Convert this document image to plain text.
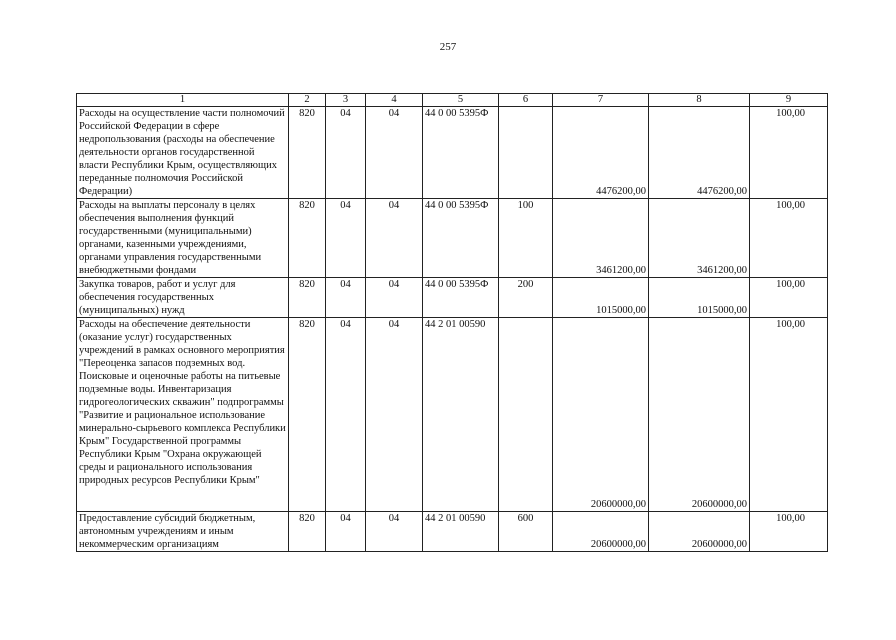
257
1	2	3	4	5	6	7	8	9
Расходы на осуществление части полномочий Российской Федерации в сфере недропользования (расходы на обеспечение деятельности органов государственной власти Республики Крым, осуществляющих переданные полномочия Российской Федерации)	820	04	04	44 0 00 5395Ф		4476200,00	4476200,00	100,00
Расходы на выплаты персоналу в целях обеспечения выполнения функций государственными (муниципальными) органами, казенными учреждениями, органами управления государственными внебюджетными фондами	820	04	04	44 0 00 5395Ф	100	3461200,00	3461200,00	100,00
Закупка товаров, работ и услуг для обеспечения государственных (муниципальных) нужд	820	04	04	44 0 00 5395Ф	200	1015000,00	1015000,00	100,00
Расходы на обеспечение деятельности (оказание услуг) государственных учреждений в рамках основного мероприятия "Переоценка запасов подземных вод. Поисковые и оценочные работы на питьевые подземные воды. Инвентаризация гидрогеологических скважин" подпрограммы "Развитие и рациональное использование минерально-сырьевого комплекса Республики Крым" Государственной программы Республики Крым "Охрана окружающей среды и рационального использования природных ресурсов Республики Крым"	820	04	04	44 2 01 00590		20600000,00	20600000,00	100,00
Предоставление субсидий бюджетным, автономным учреждениям и иным некоммерческим организациям	820	04	04	44 2 01 00590	600	20600000,00	20600000,00	100,00
